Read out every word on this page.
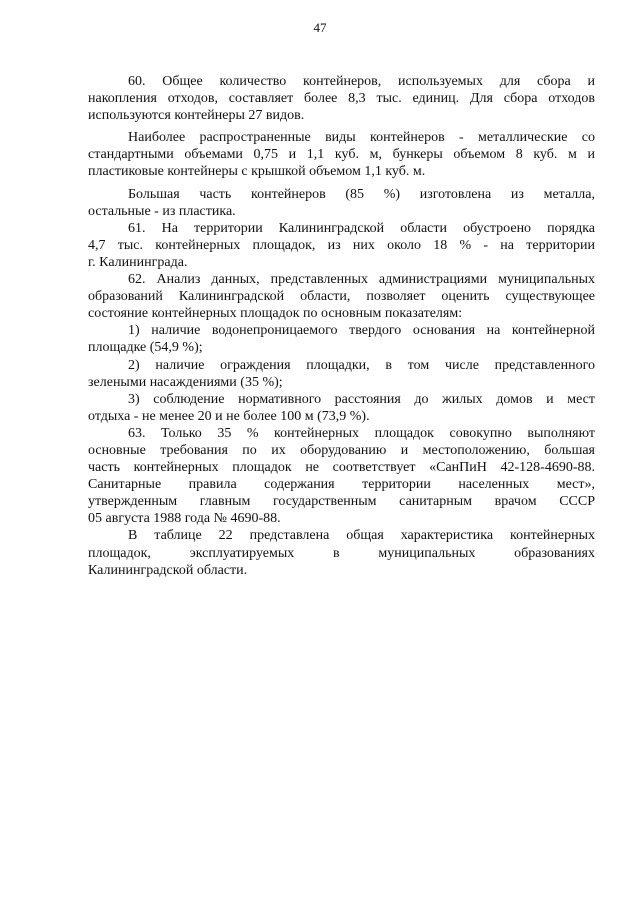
47
60. Общее количество контейнеров, используемых для сбора и
накопления отходов, составляет более 8,3 тыс. единиц. Для сбора отходов
используются контейнеры 27 видов.
Наиболее распространенные виды контейнеров - металлические со
стандартными объемами 0,75 и 1,1 куб. м, бункеры объемом 8 куб. м и
пластиковые контейнеры с крышкой объемом 1,1 куб. м.
Большая часть контейнеров (85 %) изготовлена из металла,
остальные - из пластика.
61. На территории Калининградской области обустроено порядка
4,7 тыс. контейнерных площадок, из них около 18 % - на территории
г. Калининграда.
62. Анализ данных, представленных администрациями муниципальных
образований Калининградской области, позволяет оценить существующее
состояние контейнерных площадок по основным показателям:
1) наличие водонепроницаемого твердого основания на контейнерной
площадке (54,9 %);
2) наличие ограждения площадки, в том числе представленного
зелеными насаждениями (35 %);
3) соблюдение нормативного расстояния до жилых домов и мест
отдыха - не менее 20 и не более 100 м (73,9 %).
63. Только 35 % контейнерных площадок совокупно выполняют
основные требования по их оборудованию и местоположению, большая
часть контейнерных площадок не соответствует «СанПиН 42-128-4690-88.
Санитарные правила содержания территории населенных мест»,
утвержденным главным государственным санитарным врачом СССР
05 августа 1988 года № 4690-88.
В таблице 22 представлена общая характеристика контейнерных
площадок, эксплуатируемых в муниципальных образованиях
Калининградской области.
